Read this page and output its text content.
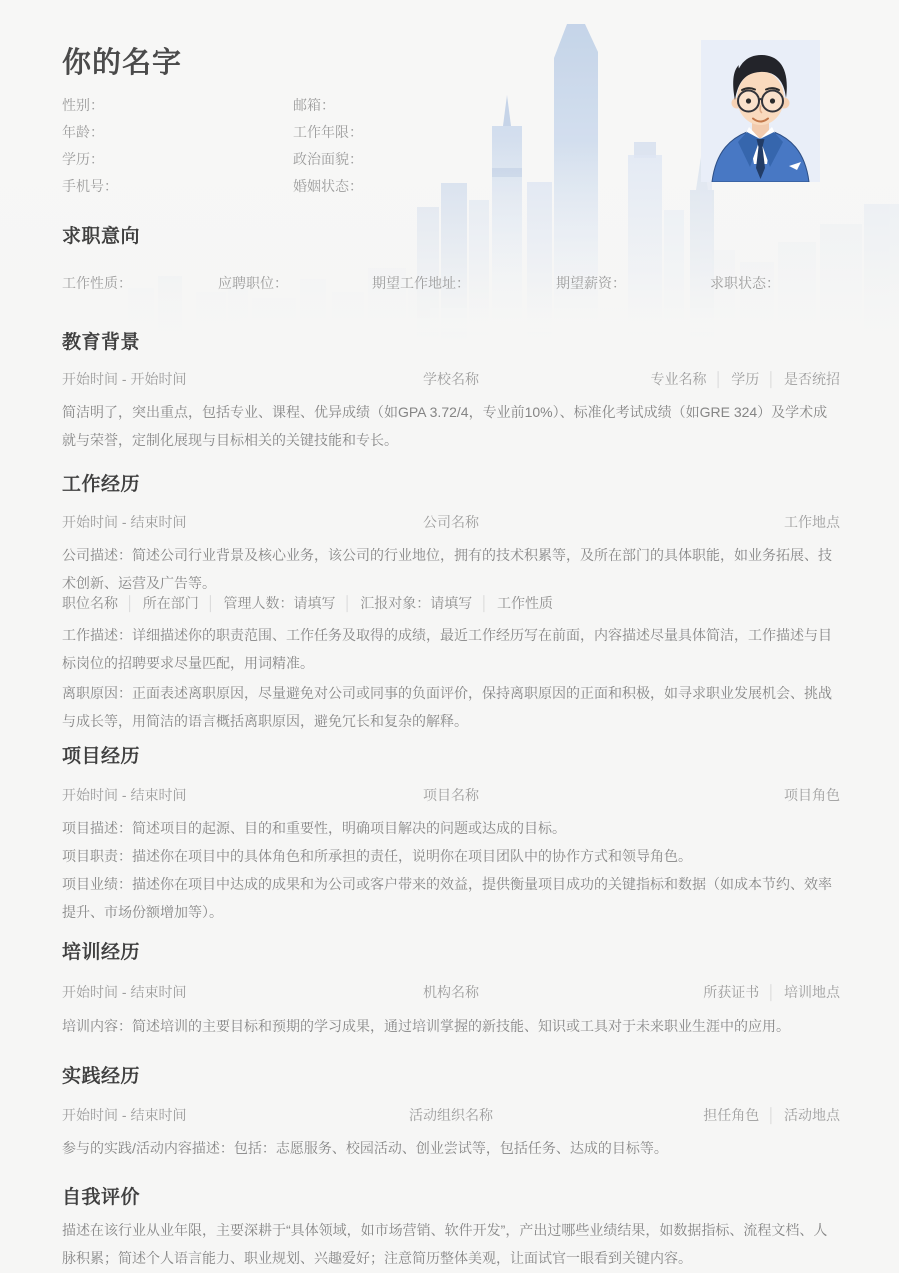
你的名字
性别：	邮箱：
年龄：	工作年限：
学历：	政治面貌：
手机号：	婚姻状态：
求职意向
工作性质：	应聘职位：	期望工作地址：	期望薪资：	求职状态：
教育背景
开始时间 - 开始时间	学校名称	专业名称 │ 学历 │ 是否统招

简洁明了，突出重点，包括专业、课程、优异成绩（如GPA 3.72/4，专业前10%）、标准化考试成绩（如GRE 324）及学术成就与荣誉，定制化展现与目标相关的关键技能和专长。

工作经历
开始时间 - 结束时间	公司名称	工作地点

公司描述：简述公司行业背景及核心业务，该公司的行业地位，拥有的技术积累等，及所在部门的具体职能，如业务拓展、技术创新、运营及广告等。

职位名称 │ 所在部门 │ 管理人数：请填写 │ 汇报对象：请填写 │ 工作性质

工作描述：详细描述你的职责范围、工作任务及取得的成绩，最近工作经历写在前面，内容描述尽量具体简洁，工作描述与目标岗位的招聘要求尽量匹配，用词精准。

离职原因：正面表述离职原因，尽量避免对公司或同事的负面评价，保持离职原因的正面和积极，如寻求职业发展机会、挑战与成长等，用简洁的语言概括离职原因，避免冗长和复杂的解释。

项目经历
开始时间 - 结束时间	项目名称	项目角色

项目描述：简述项目的起源、目的和重要性，明确项目解决的问题或达成的目标。

项目职责：描述你在项目中的具体角色和所承担的责任，说明你在项目团队中的协作方式和领导角色。

项目业绩：描述你在项目中达成的成果和为公司或客户带来的效益，提供衡量项目成功的关键指标和数据（如成本节约、效率提升、市场份额增加等）。

培训经历
开始时间 - 结束时间	机构名称	所获证书 │ 培训地点

培训内容：简述培训的主要目标和预期的学习成果，通过培训掌握的新技能、知识或工具对于未来职业生涯中的应用。

实践经历
开始时间 - 结束时间	活动组织名称	担任角色 │ 活动地点

参与的实践/活动内容描述：包括：志愿服务、校园活动、创业尝试等，包括任务、达成的目标等。

自我评价

描述在该行业从业年限，主要深耕于“具体领域，如市场营销、软件开发”，产出过哪些业绩结果，如数据指标、流程文档、人脉积累；简述个人语言能力、职业规划、兴趣爱好；注意简历整体美观，让面试官一眼看到关键内容。
